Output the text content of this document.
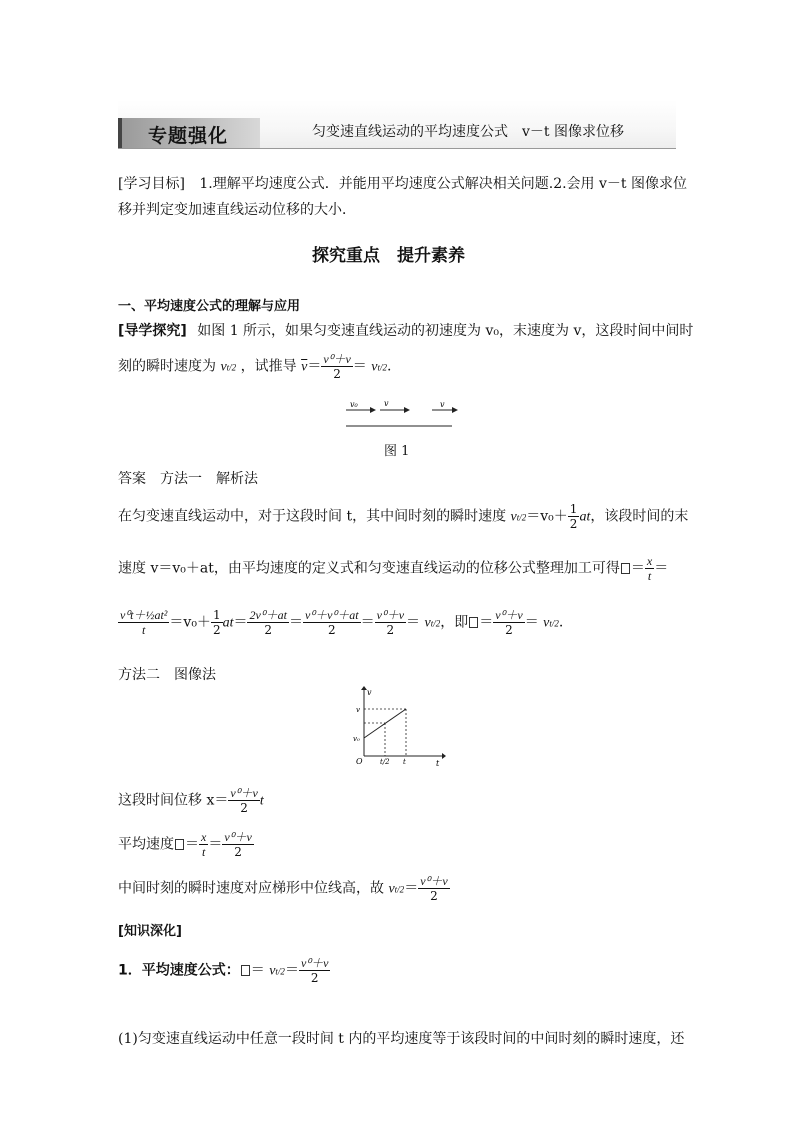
专题强化	匀变速直线运动的平均速度公式　v－t 图像求位移
[学习目标] 1.理解平均速度公式．并能用平均速度公式解决相关问题.2.会用 v－t 图像求位
移并判定变加速直线运动位移的大小．
探究重点　提升素养
一、平均速度公式的理解与应用
[导学探究] 如图 1 所示，如果匀变速直线运动的初速度为 v₀，末速度为 v，这段时间中间时
刻的瞬时速度为 vt/2 ，试推导 $\overline{v}= \frac{\text{v⁰＋v}}{2} = vt/2$.
v₀	v	v
图 1
答案　方法一　解析法
在匀变速直线运动中，对于这段时间 t，其中间时刻的瞬时速度 $vt/2=v_0+ \frac{1}{2}$ at，该段时间的末
速度 v＝v₀＋at，由平均速度的定义式和匀变速直线运动的位移公式整理加工可得 ＝ $\frac{x}{t}$ ＝
$\frac{\text{v⁰t＋½at²}}{t} =v_0+ \frac{1}{2} at= \frac{\text{2v⁰＋at}}{2} = \frac{\text{v⁰＋v⁰＋at}}{2} = \frac{\text{v⁰＋v}}{2} = vt/2$，即 ＝ $\frac{\text{v⁰＋v}}{2} = vt/2$.
方法二　图像法
v
t
O
v
v₀
t
t/2
这段时间位移 $x= \frac{\text{v⁰＋v}}{2}$ t
平均速度 ＝ $\frac{x}{t} = \frac{\text{v⁰＋v}}{2}$
中间时刻的瞬时速度对应梯形中位线高，故 $vt/2= \frac{\text{v⁰＋v}}{2}$
[知识深化]
1．平均速度公式： ＝ $vt/2= \frac{\text{v⁰＋v}}{2}$
(1)匀变速直线运动中任意一段时间 t 内的平均速度等于该段时间的中间时刻的瞬时速度，还
